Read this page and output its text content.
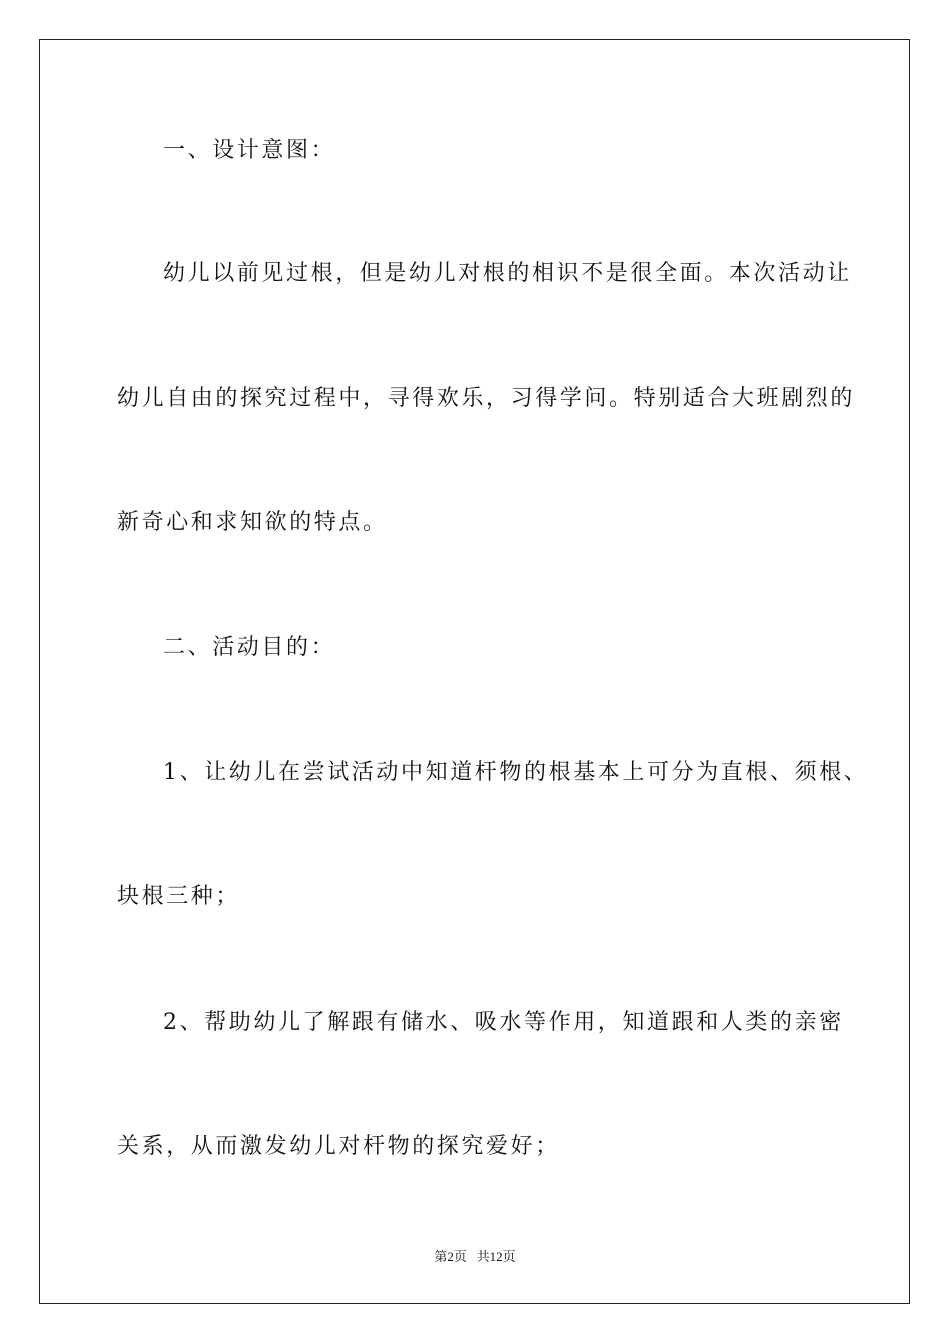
一、设计意图：
幼儿以前见过根，但是幼儿对根的相识不是很全面。本次活动让
幼儿自由的探究过程中，寻得欢乐，习得学问。特别适合大班剧烈的
新奇心和求知欲的特点。
二、活动目的：
1、让幼儿在尝试活动中知道杆物的根基本上可分为直根、须根、
块根三种；
2、帮助幼儿了解跟有储水、吸水等作用，知道跟和人类的亲密
关系，从而激发幼儿对杆物的探究爱好；
第2页 共12页
